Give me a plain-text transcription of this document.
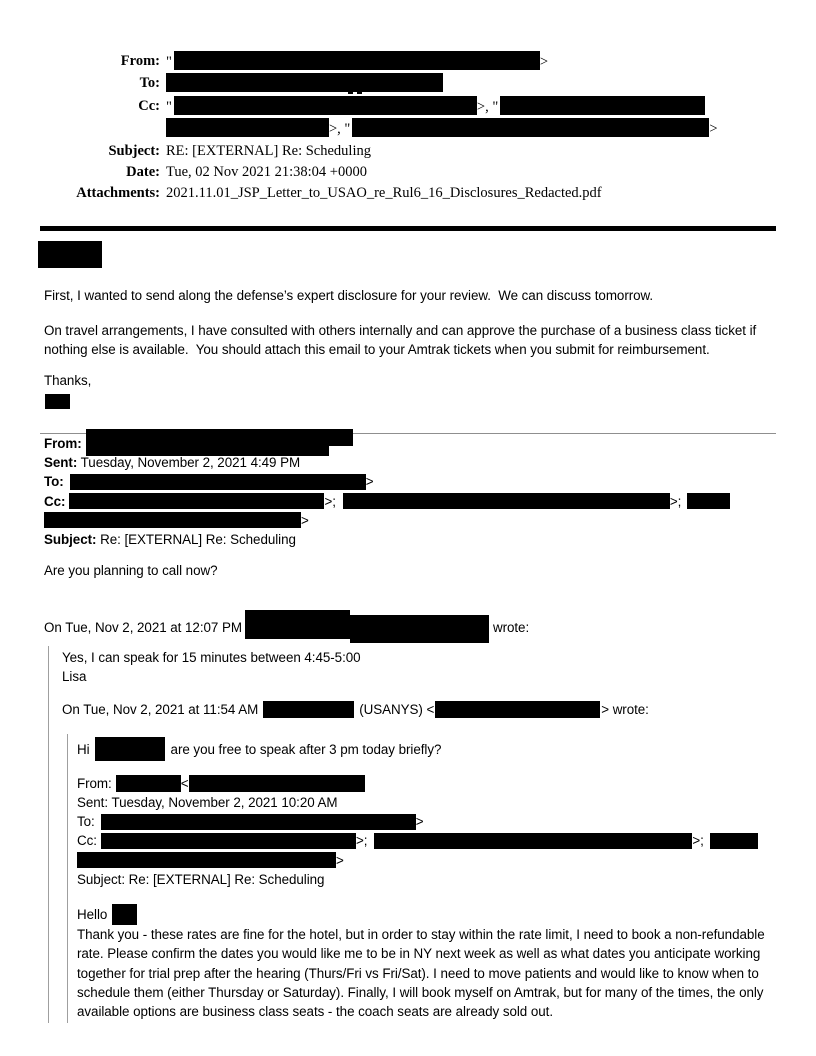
From: "	>
To:
Cc: "	>, "
>, "	>
Subject: RE: [EXTERNAL] Re: Scheduling
Date: Tue, 02 Nov 2021 21:38:04 +0000
Attachments: 2021.11.01_JSP_Letter_to_USAO_re_Rul6_16_Disclosures_Redacted.pdf
First, I wanted to send along the defense’s expert disclosure for your review.  We can discuss tomorrow.
On travel arrangements, I have consulted with others internally and can approve the purchase of a business class ticket if nothing else is available.  You should attach this email to your Amtrak tickets when you submit for reimbursement.
Thanks,
From:
Sent: Tuesday, November 2, 2021 4:49 PM
To:	>
Cc:	>;	>;
>
Subject: Re: [EXTERNAL] Re: Scheduling
Are you planning to call now?
On Tue, Nov 2, 2021 at 12:07 PM	wrote:
Yes, I can speak for 15 minutes between 4:45-5:00
Lisa
On Tue, Nov 2, 2021 at 11:54 AM	(USANYS) <	> wrote:
Hi	are you free to speak after 3 pm today briefly?
From:	<
Sent: Tuesday, November 2, 2021 10:20 AM
To:	>
Cc:	>;	>;
>
Subject: Re: [EXTERNAL] Re: Scheduling
Hello
Thank you - these rates are fine for the hotel, but in order to stay within the rate limit, I need to book a non-refundable rate. Please confirm the dates you would like me to be in NY next week as well as what dates you anticipate working together for trial prep after the hearing (Thurs/Fri vs Fri/Sat). I need to move patients and would like to know when to schedule them (either Thursday or Saturday). Finally, I will book myself on Amtrak, but for many of the times, the only available options are business class seats - the coach seats are already sold out.
